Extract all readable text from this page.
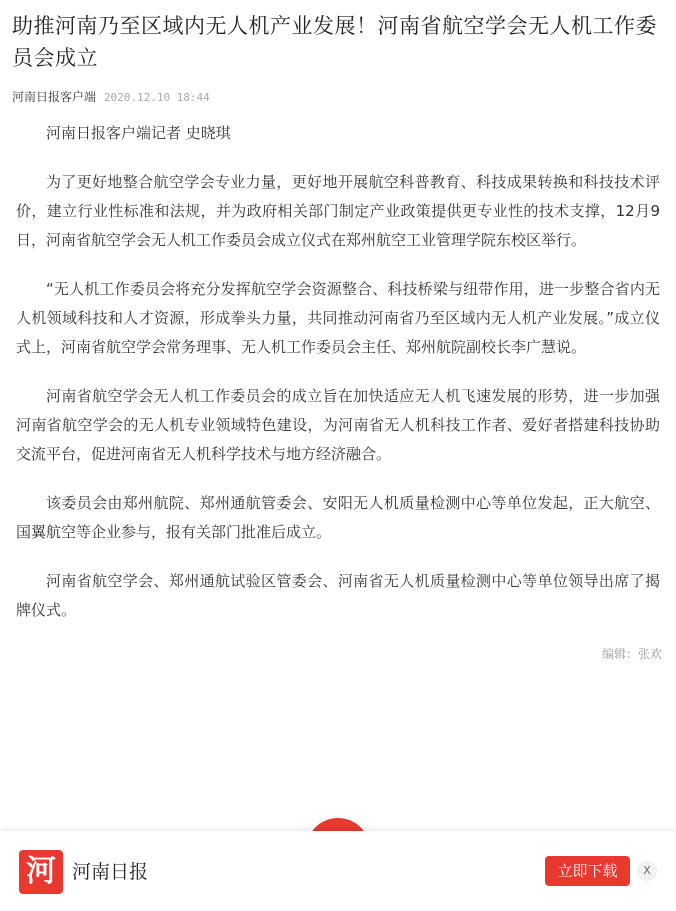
助推河南乃至区域内无人机产业发展！河南省航空学会无人机工作委员会成立
河南日报客户端 2020.12.10 18:44

河南日报客户端记者 史晓琪

为了更好地整合航空学会专业力量，更好地开展航空科普教育、科技成果转换和科技技术评价，建立行业性标准和法规，并为政府相关部门制定产业政策提供更专业性的技术支撑，12月9日，河南省航空学会无人机工作委员会成立仪式在郑州航空工业管理学院东校区举行。

“无人机工作委员会将充分发挥航空学会资源整合、科技桥梁与纽带作用，进一步整合省内无人机领域科技和人才资源，形成拳头力量，共同推动河南省乃至区域内无人机产业发展。”成立仪式上，河南省航空学会常务理事、无人机工作委员会主任、郑州航院副校长李广慧说。

河南省航空学会无人机工作委员会的成立旨在加快适应无人机飞速发展的形势，进一步加强河南省航空学会的无人机专业领域特色建设，为河南省无人机科技工作者、爱好者搭建科技协助交流平台，促进河南省无人机科学技术与地方经济融合。

该委员会由郑州航院、郑州通航管委会、安阳无人机质量检测中心等单位发起，正大航空、国翼航空等企业参与，报有关部门批准后成立。

河南省航空学会、郑州通航试验区管委会、河南省无人机质量检测中心等单位领导出席了揭牌仪式。

编辑：张欢
河 河南日报	立即下载	X
